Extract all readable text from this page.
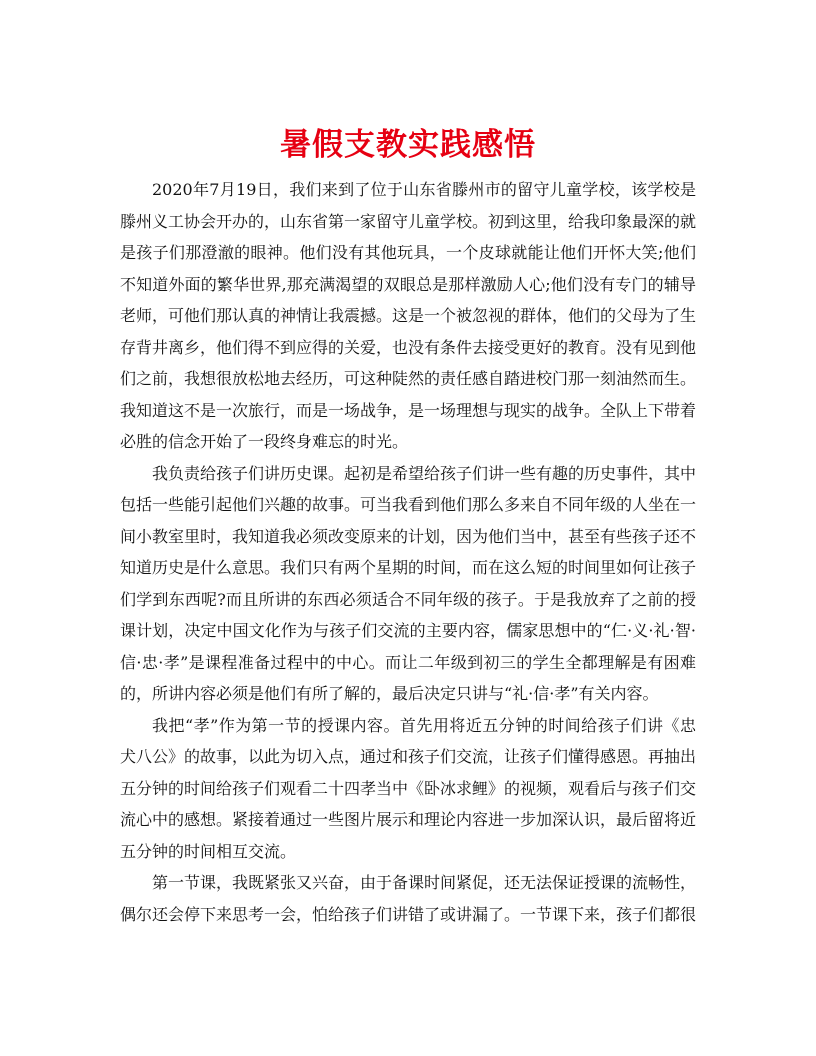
暑假支教实践感悟

2020年7月19日，我们来到了位于山东省滕州市的留守儿童学校，该学校是滕州义工协会开办的，山东省第一家留守儿童学校。初到这里，给我印象最深的就是孩子们那澄澈的眼神。他们没有其他玩具，一个皮球就能让他们开怀大笑;他们不知道外面的繁华世界,那充满渴望的双眼总是那样激励人心;他们没有专门的辅导老师，可他们那认真的神情让我震撼。这是一个被忽视的群体，他们的父母为了生存背井离乡，他们得不到应得的关爱，也没有条件去接受更好的教育。没有见到他们之前，我想很放松地去经历，可这种陡然的责任感自踏进校门那一刻油然而生。我知道这不是一次旅行，而是一场战争，是一场理想与现实的战争。全队上下带着必胜的信念开始了一段终身难忘的时光。

我负责给孩子们讲历史课。起初是希望给孩子们讲一些有趣的历史事件，其中包括一些能引起他们兴趣的故事。可当我看到他们那么多来自不同年级的人坐在一间小教室里时，我知道我必须改变原来的计划，因为他们当中，甚至有些孩子还不知道历史是什么意思。我们只有两个星期的时间，而在这么短的时间里如何让孩子们学到东西呢?而且所讲的东西必须适合不同年级的孩子。于是我放弃了之前的授课计划，决定中国文化作为与孩子们交流的主要内容，儒家思想中的“仁·义·礼·智·信·忠·孝”是课程准备过程中的中心。而让二年级到初三的学生全都理解是有困难的，所讲内容必须是他们有所了解的，最后决定只讲与“礼·信·孝”有关内容。

我把“孝”作为第一节的授课内容。首先用将近五分钟的时间给孩子们讲《忠犬八公》的故事，以此为切入点，通过和孩子们交流，让孩子们懂得感恩。再抽出五分钟的时间给孩子们观看二十四孝当中《卧冰求鲤》的视频，观看后与孩子们交流心中的感想。紧接着通过一些图片展示和理论内容进一步加深认识，最后留将近五分钟的时间相互交流。

第一节课，我既紧张又兴奋，由于备课时间紧促，还无法保证授课的流畅性，偶尔还会停下来思考一会，怕给孩子们讲错了或讲漏了。一节课下来，孩子们都很
